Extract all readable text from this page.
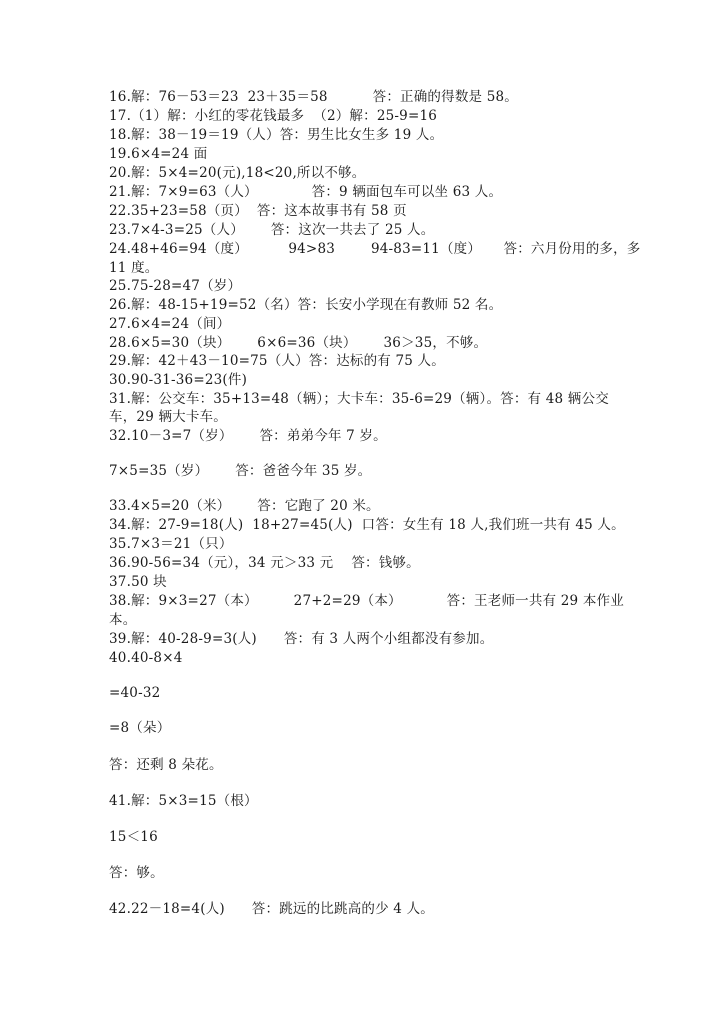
16.解：76－53＝23  23＋35＝58          答：正确的得数是 58。
17.（1）解：小红的零花钱最多  （2）解：25-9=16
18.解：38－19＝19（人）答：男生比女生多 19 人。
19.6×4=24 面
20.解：5×4=20(元),18<20,所以不够。
21.解：7×9=63（人）            答：9 辆面包车可以坐 63 人。
22.35+23=58（页）  答：这本故事书有 58 页
23.7×4-3=25（人）      答：这次一共去了 25 人。
24.48+46=94（度）         94>83        94-83=11（度）     答：六月份用的多，多
11 度。
25.75-28=47（岁）
26.解：48-15+19=52（名）答：长安小学现在有教师 52 名。
27.6×4=24（间）
28.6×5=30（块）      6×6=36（块）      36＞35，不够。
29.解：42＋43－10=75（人）答：达标的有 75 人。
30.90-31-36=23(件)
31.解：公交车：35+13=48（辆）；大卡车：35-6=29（辆）。答：有 48 辆公交
车，29 辆大卡车。
32.10－3=7（岁）      答：弟弟今年 7 岁。
7×5=35（岁）      答：爸爸今年 35 岁。
33.4×5=20（米）      答：它跑了 20 米。
34.解：27-9=18(人)  18+27=45(人)  口答：女生有 18 人,我们班一共有 45 人。
35.7×3＝21（只）
36.90-56=34（元），34 元＞33 元    答：钱够。
37.50 块
38.解：9×3=27（本）        27+2=29（本）          答：王老师一共有 29 本作业
本。
39.解：40-28-9=3(人)      答：有 3 人两个小组都没有参加。
40.40-8×4
=40-32
=8（朵）
答：还剩 8 朵花。
41.解：5×3=15（根）
15＜16
答：够。
42.22－18=4(人)      答：跳远的比跳高的少 4 人。
